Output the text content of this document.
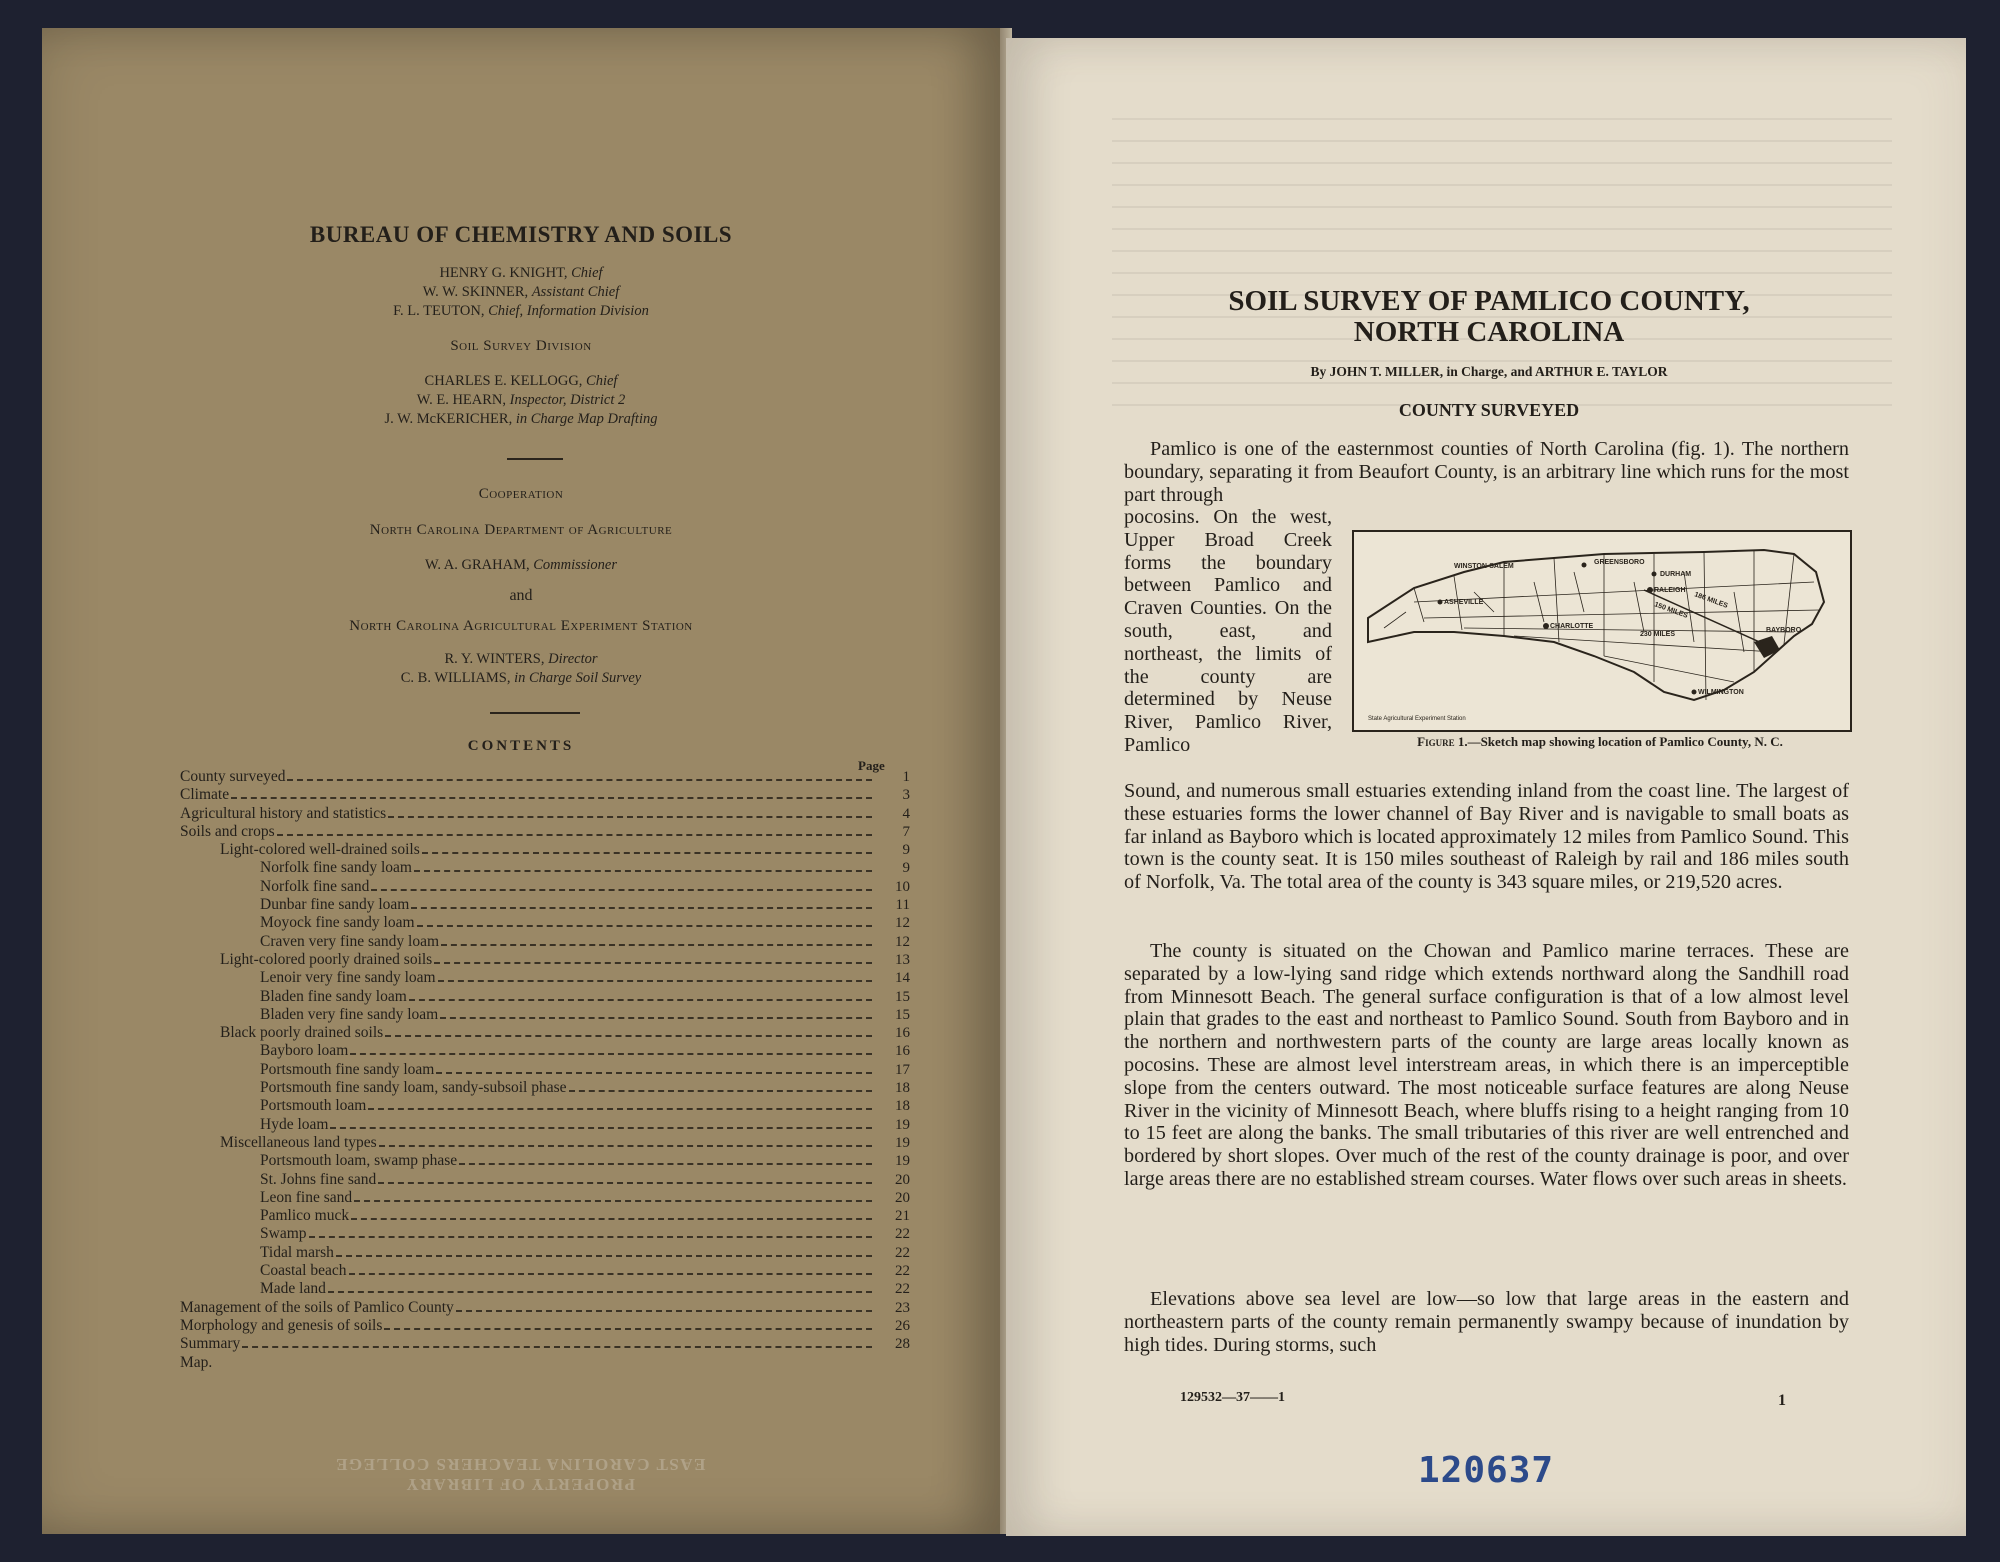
BUREAU OF CHEMISTRY AND SOILS
HENRY G. KNIGHT, Chief
W. W. SKINNER, Assistant Chief
F. L. TEUTON, Chief, Information Division
Soil Survey Division
CHARLES E. KELLOGG, Chief
W. E. HEARN, Inspector, District 2
J. W. McKERICHER, in Charge Map Drafting
Cooperation
North Carolina Department of Agriculture
W. A. GRAHAM, Commissioner
and
North Carolina Agricultural Experiment Station
R. Y. WINTERS, Director
C. B. WILLIAMS, in Charge Soil Survey
CONTENTS
Page
County surveyed	1
Climate	3
Agricultural history and statistics	4
Soils and crops	7
Light-colored well-drained soils	9
Norfolk fine sandy loam	9
Norfolk fine sand	10
Dunbar fine sandy loam	11
Moyock fine sandy loam	12
Craven very fine sandy loam	12
Light-colored poorly drained soils	13
Lenoir very fine sandy loam	14
Bladen fine sandy loam	15
Bladen very fine sandy loam	15
Black poorly drained soils	16
Bayboro loam	16
Portsmouth fine sandy loam	17
Portsmouth fine sandy loam, sandy-subsoil phase	18
Portsmouth loam	18
Hyde loam	19
Miscellaneous land types	19
Portsmouth loam, swamp phase	19
St. Johns fine sand	20
Leon fine sand	20
Pamlico muck	21
Swamp	22
Tidal marsh	22
Coastal beach	22
Made land	22
Management of the soils of Pamlico County	23
Morphology and genesis of soils	26
Summary	28
Map.
PROPERTY OF LIBRARY
EAST CAROLINA TEACHERS COLLEGE
SOIL SURVEY OF PAMLICO COUNTY,
NORTH CAROLINA
By JOHN T. MILLER, in Charge, and ARTHUR E. TAYLOR
COUNTY SURVEYED
Pamlico is one of the easternmost counties of North Carolina (fig. 1). The northern boundary, separating it from Beaufort County, is an arbitrary line which runs for the most part through
pocosins. On the west, Upper Broad Creek forms the boundary between Pamlico and Craven Counties. On the south, east, and northeast, the limits of the county are determined by Neuse River, Pamlico River, Pamlico
Sound, and numerous small estuaries extending inland from the coast line. The largest of these estuaries forms the lower channel of Bay River and is navigable to small boats as far inland as Bayboro which is located approximately 12 miles from Pamlico Sound. This town is the county seat. It is 150 miles southeast of Raleigh by rail and 186 miles south of Norfolk, Va. The total area of the county is 343 square miles, or 219,520 acres.
The county is situated on the Chowan and Pamlico marine terraces. These are separated by a low-lying sand ridge which extends northward along the Sandhill road from Minnesott Beach. The general surface configuration is that of a low almost level plain that grades to the east and northeast to Pamlico Sound. South from Bayboro and in the northern and northwestern parts of the county are large areas locally known as pocosins. These are almost level interstream areas, in which there is an imperceptible slope from the centers outward. The most noticeable surface features are along Neuse River in the vicinity of Minnesott Beach, where bluffs rising to a height ranging from 10 to 15 feet are along the banks. The small tributaries of this river are well entrenched and bordered by short slopes. Over much of the rest of the county drainage is poor, and over large areas there are no established stream courses. Water flows over such areas in sheets.
Elevations above sea level are low—so low that large areas in the eastern and northeastern parts of the county remain permanently swampy because of inundation by high tides. During storms, such
WINSTON-SALEM
GREENSBORO
DURHAM
RALEIGH
ASHEVILLE
CHARLOTTE
WILMINGTON
BAYBORO
150 MILES
186 MILES
230 MILES
State Agricultural Experiment Station
Figure 1.—Sketch map showing location of Pamlico County, N. C.
129532—37——1	1
120637
